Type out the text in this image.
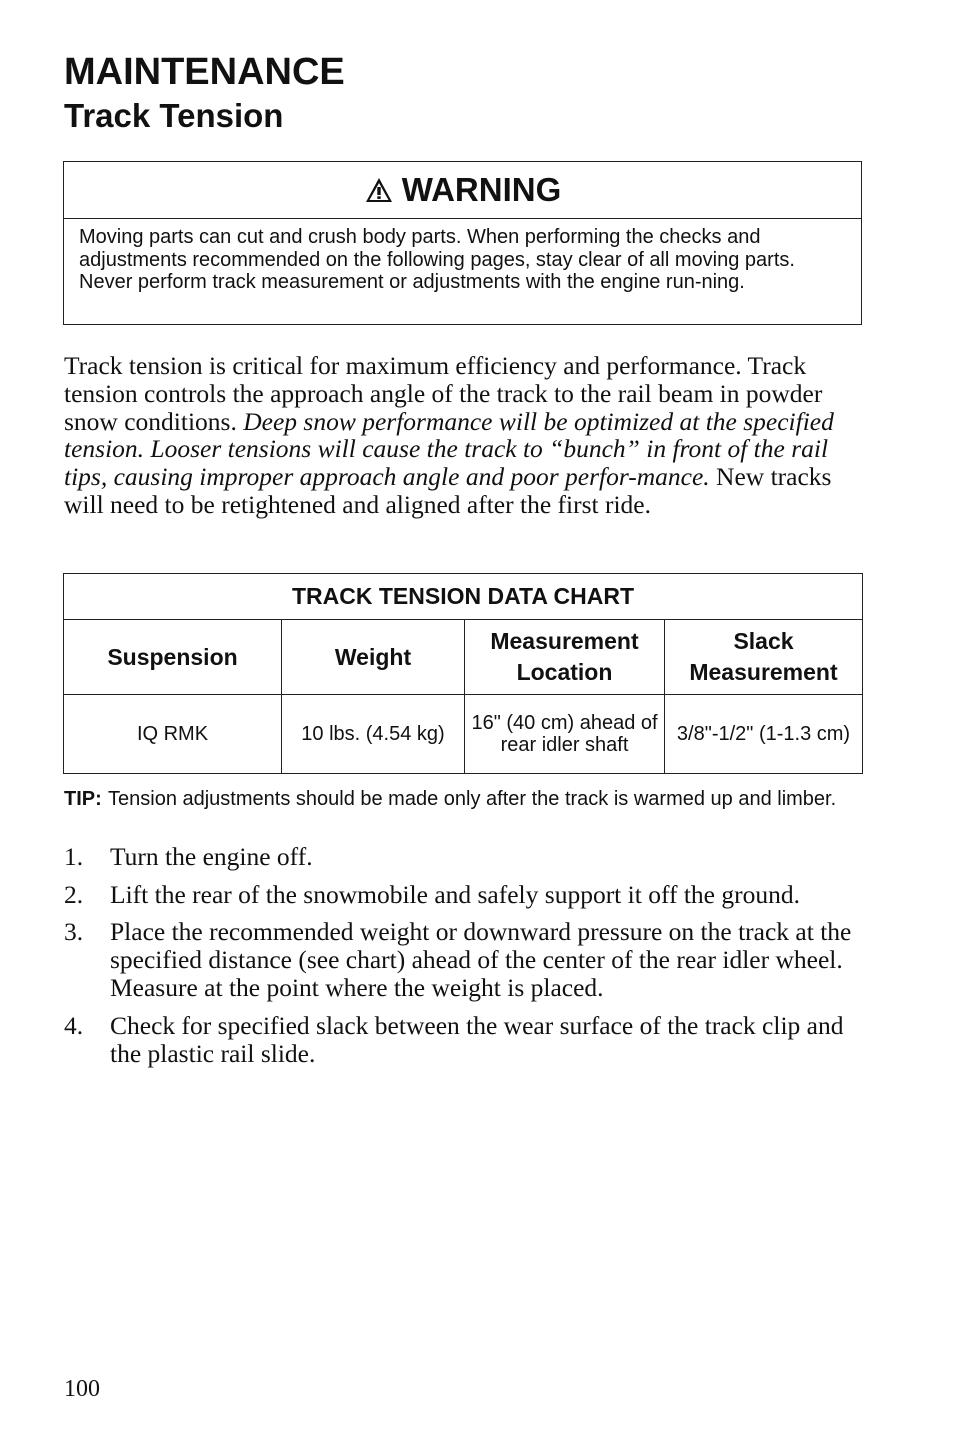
MAINTENANCE
Track Tension
WARNING
Moving parts can cut and crush body parts. When performing the checks and adjustments recommended on the following pages, stay clear of all moving parts. Never perform track measurement or adjustments with the engine run-ning.

Track tension is critical for maximum efficiency and performance. Track tension controls the approach angle of the track to the rail beam in powder snow conditions. Deep snow performance will be optimized at the specified tension. Looser tensions will cause the track to “bunch” in front of the rail tips, causing improper approach angle and poor perfor-mance. New tracks will need to be retightened and aligned after the first ride.

TRACK TENSION DATA CHART			
Suspension	Weight	Measurement Location	Slack Measurement
IQ RMK	10 lbs. (4.54 kg)	16" (40 cm) ahead of rear idler shaft	3/8"-1/2" (1-1.3 cm)
TIP: Tension adjustments should be made only after the track is warmed up and limber.
1.	Turn the engine off.
2.	Lift the rear of the snowmobile and safely support it off the ground.
3.	Place the recommended weight or downward pressure on the track at the specified distance (see chart) ahead of the center of the rear idler wheel. Measure at the point where the weight is placed.
4.	Check for specified slack between the wear surface of the track clip and the plastic rail slide.
100
